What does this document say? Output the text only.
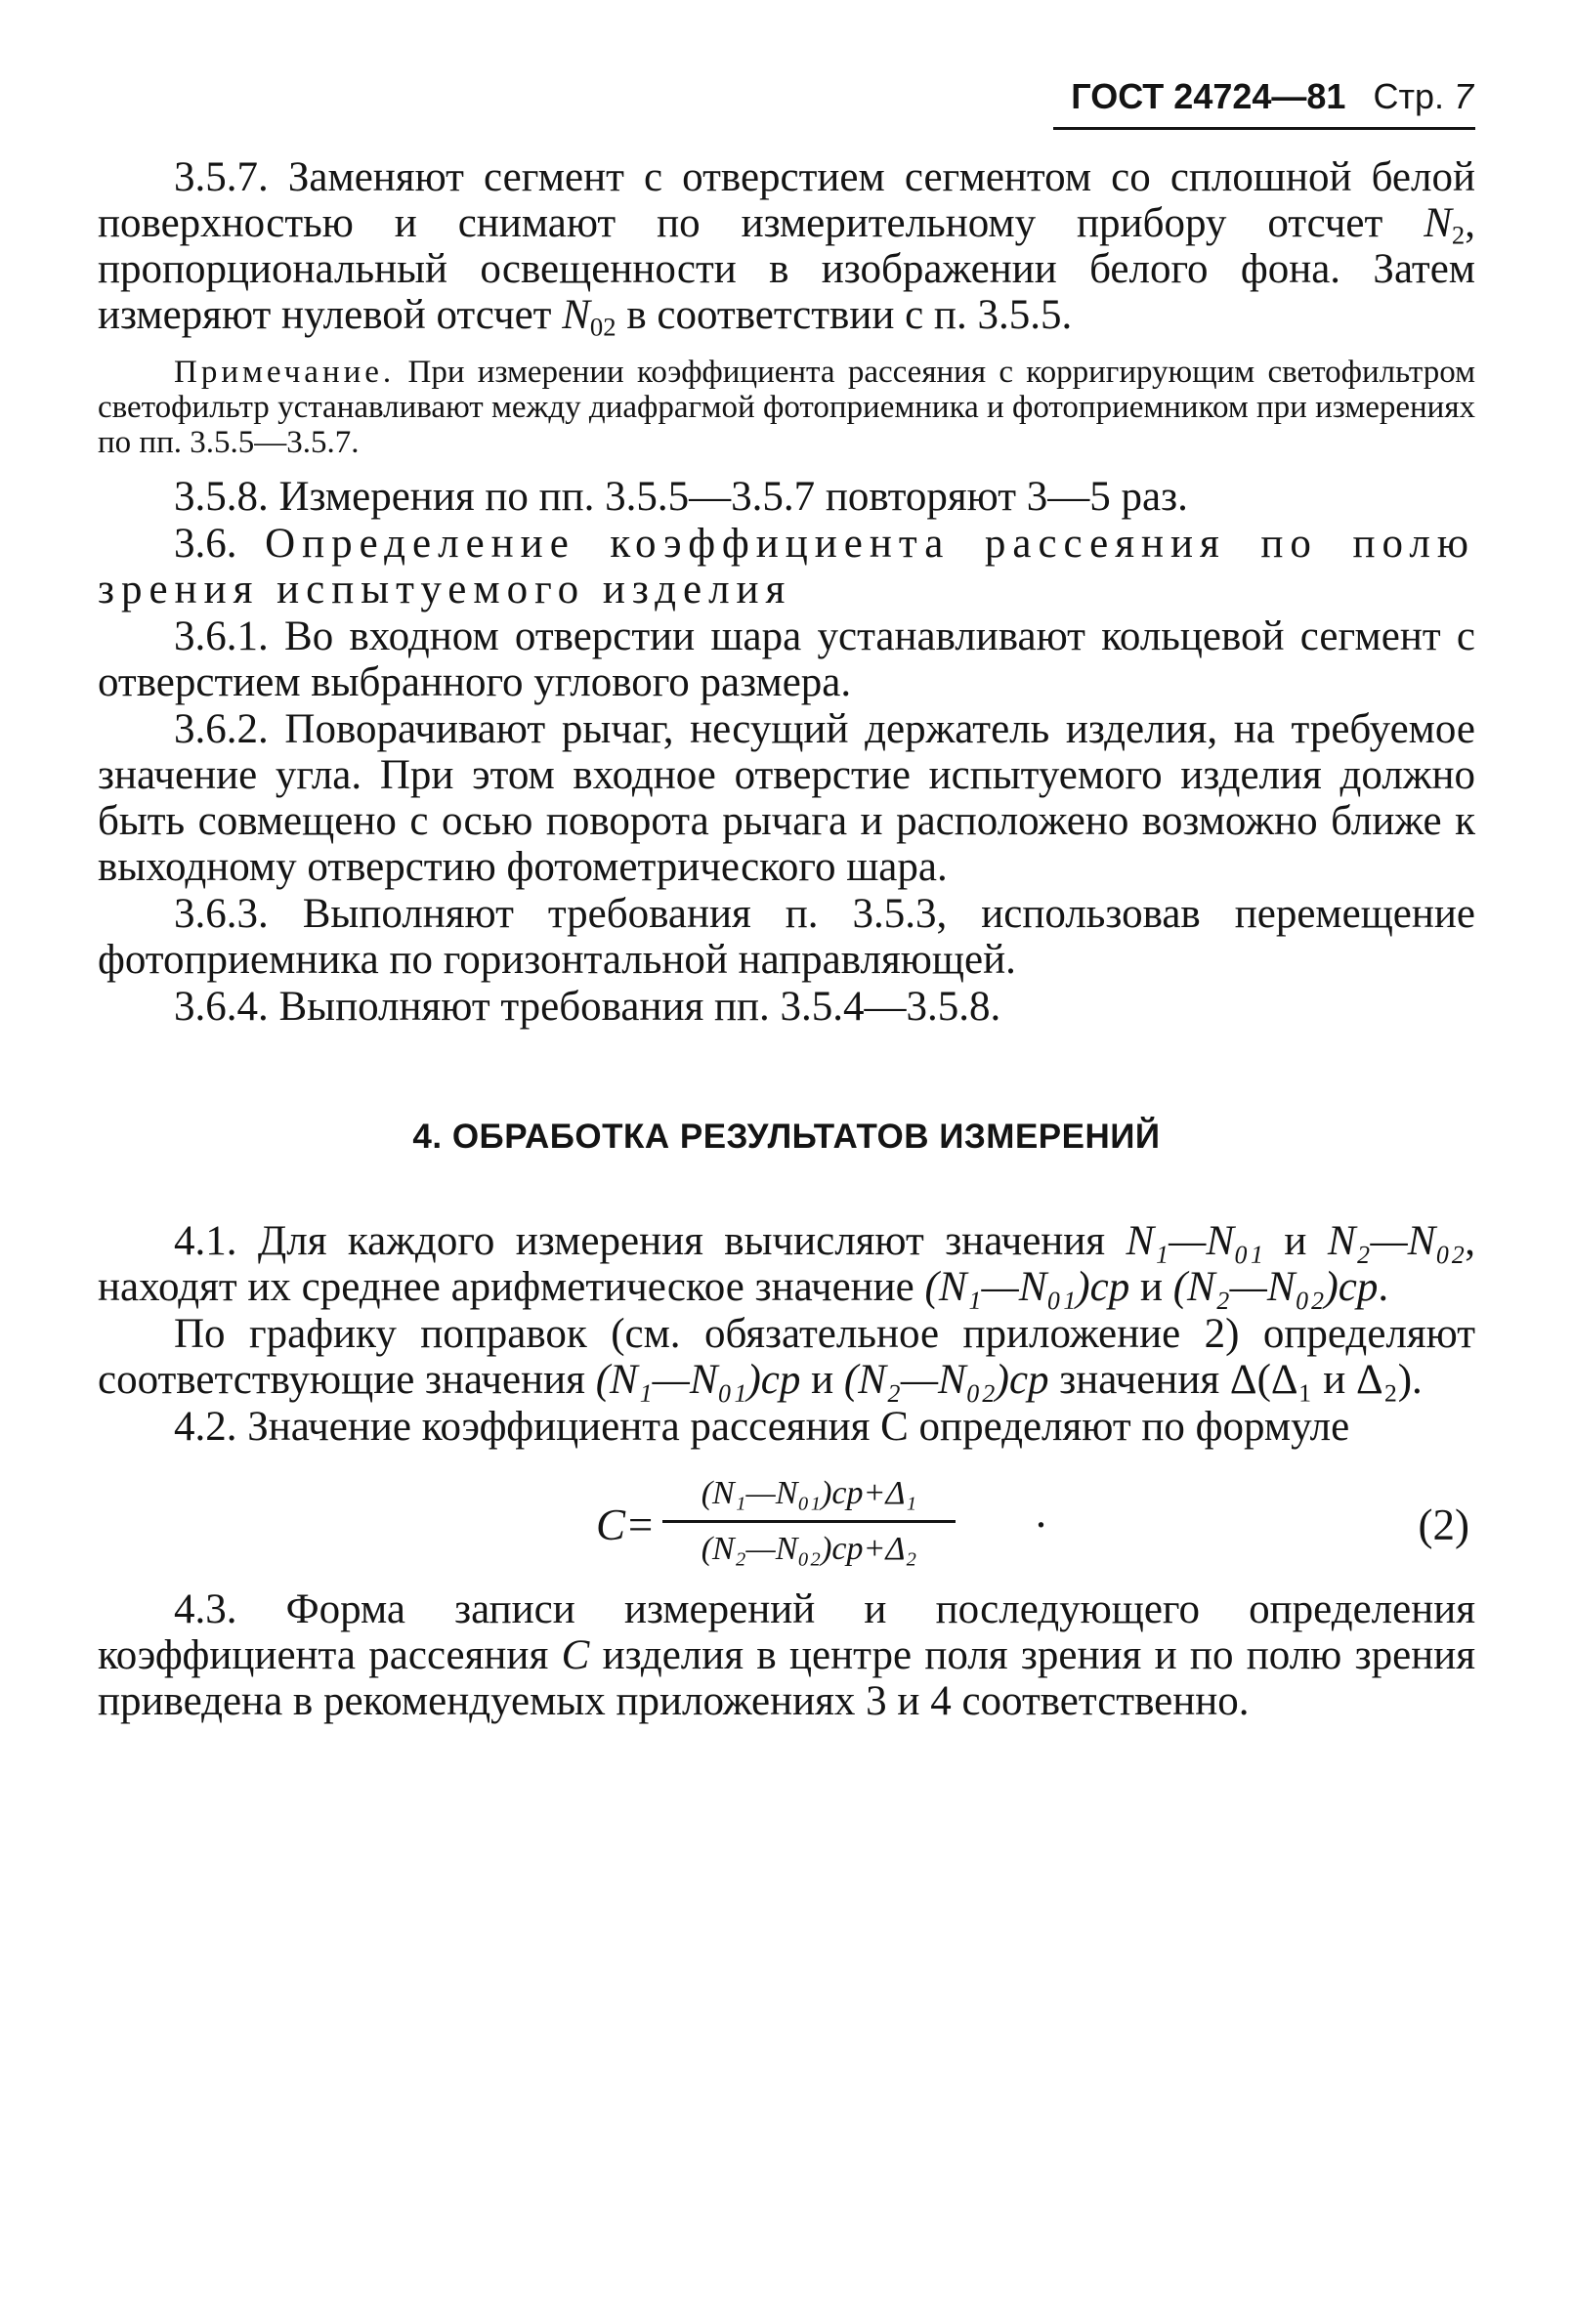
ГОСТ 24724—81 Стр. 7

3.5.7. Заменяют сегмент с отверстием сегментом со сплошной белой поверхностью и снимают по измерительному прибору отсчет $N_2$, пропорциональный освещенности в изображении белого фона. Затем измеряют нулевой отсчет $N_{02}$ в соответствии с п. 3.5.5.

Примечание. При измерении коэффициента рассеяния с корригирующим светофильтром светофильтр устанавливают между диафрагмой фотоприемника и фотоприемником при измерениях по пп. 3.5.5—3.5.7.

3.5.8. Измерения по пп. 3.5.5—3.5.7 повторяют 3—5 раз.

3.6. Определение коэффициента рассеяния по полю зрения испытуемого изделия

3.6.1. Во входном отверстии шара устанавливают кольцевой сегмент с отверстием выбранного углового размера.

3.6.2. Поворачивают рычаг, несущий держатель изделия, на требуемое значение угла. При этом входное отверстие испытуемого изделия должно быть совмещено с осью поворота рычага и расположено возможно ближе к выходному отверстию фотометрического шара.

3.6.3. Выполняют требования п. 3.5.3, использовав перемещение фотоприемника по горизонтальной направляющей.

3.6.4. Выполняют требования пп. 3.5.4—3.5.8.

4. ОБРАБОТКА РЕЗУЛЬТАТОВ ИЗМЕРЕНИЙ

4.1. Для каждого измерения вычисляют значения N₁—N₀₁ и N₂—N₀₂, находят их среднее арифметическое значение (N₁—N₀₁)ср и (N₂—N₀₂)ср.

По графику поправок (см. обязательное приложение 2) определяют соответствующие значения (N₁—N₀₁)ср и (N₂—N₀₂)ср значения Δ(Δ₁ и Δ₂).

4.2. Значение коэффициента рассеяния С определяют по формуле

C=
(N₁—N₀₁)ср+Δ₁
(N₂—N₀₂)ср+Δ₂	·	(2)

4.3. Форма записи измерений и последующего определения коэффициента рассеяния С изделия в центре поля зрения и по полю зрения приведена в рекомендуемых приложениях 3 и 4 соответственно.
